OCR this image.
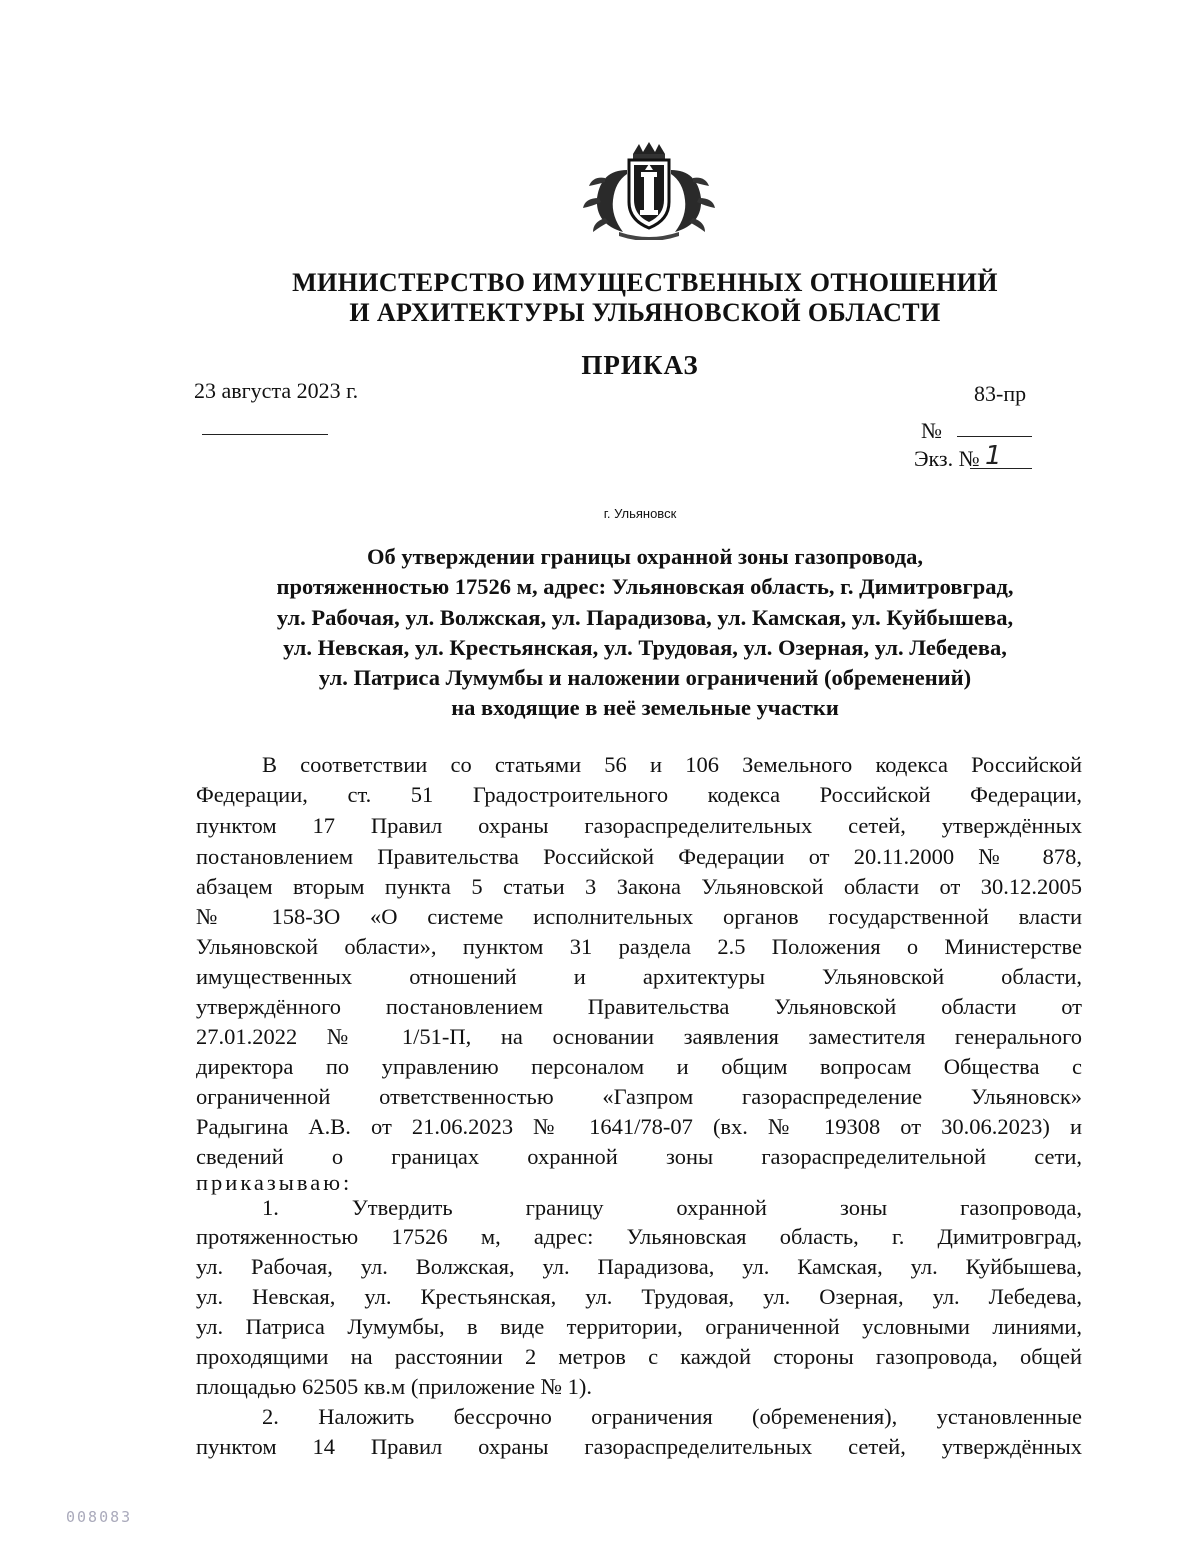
МИНИСТЕРСТВО ИМУЩЕСТВЕННЫХ ОТНОШЕНИЙ
И АРХИТЕКТУРЫ УЛЬЯНОВСКОЙ ОБЛАСТИ
ПРИКАЗ
23 августа 2023 г.	83-пр
№
Экз. № 1
г. Ульяновск
Об утверждении границы охранной зоны газопровода,
протяженностью 17526 м, адрес: Ульяновская область, г. Димитровград,
ул. Рабочая, ул. Волжская, ул. Парадизова, ул. Камская, ул. Куйбышева,
ул. Невская, ул. Крестьянская, ул. Трудовая, ул. Озерная, ул. Лебедева,
ул. Патриса Лумумбы и наложении ограничений (обременений)
на входящие в неё земельные участки
В соответствии со статьями 56 и 106 Земельного кодекса Российской
Федерации, ст. 51 Градостроительного кодекса Российской Федерации,
пунктом 17 Правил охраны газораспределительных сетей, утверждённых
постановлением Правительства Российской Федерации от 20.11.2000 № 878,
абзацем вторым пункта 5 статьи 3 Закона Ульяновской области от 30.12.2005
№ 158-ЗО «О системе исполнительных органов государственной власти
Ульяновской области», пунктом 31 раздела 2.5 Положения о Министерстве
имущественных отношений и архитектуры Ульяновской области,
утверждённого постановлением Правительства Ульяновской области от
27.01.2022 № 1/51-П, на основании заявления заместителя генерального
директора по управлению персоналом и общим вопросам Общества с
ограниченной ответственностью «Газпром газораспределение Ульяновск»
Радыгина А.В. от 21.06.2023 № 1641/78-07 (вх. № 19308 от 30.06.2023) и
сведений о границах охранной зоны газораспределительной сети,
приказываю:
1. Утвердить границу охранной зоны газопровода,
протяженностью 17526 м, адрес: Ульяновская область, г. Димитровград,
ул. Рабочая, ул. Волжская, ул. Парадизова, ул. Камская, ул. Куйбышева,
ул. Невская, ул. Крестьянская, ул. Трудовая, ул. Озерная, ул. Лебедева,
ул. Патриса Лумумбы, в виде территории, ограниченной условными линиями,
проходящими на расстоянии 2 метров с каждой стороны газопровода, общей
площадью 62505 кв.м (приложение № 1).
2. Наложить бессрочно ограничения (обременения), установленные
пунктом 14 Правил охраны газораспределительных сетей, утверждённых
008083
